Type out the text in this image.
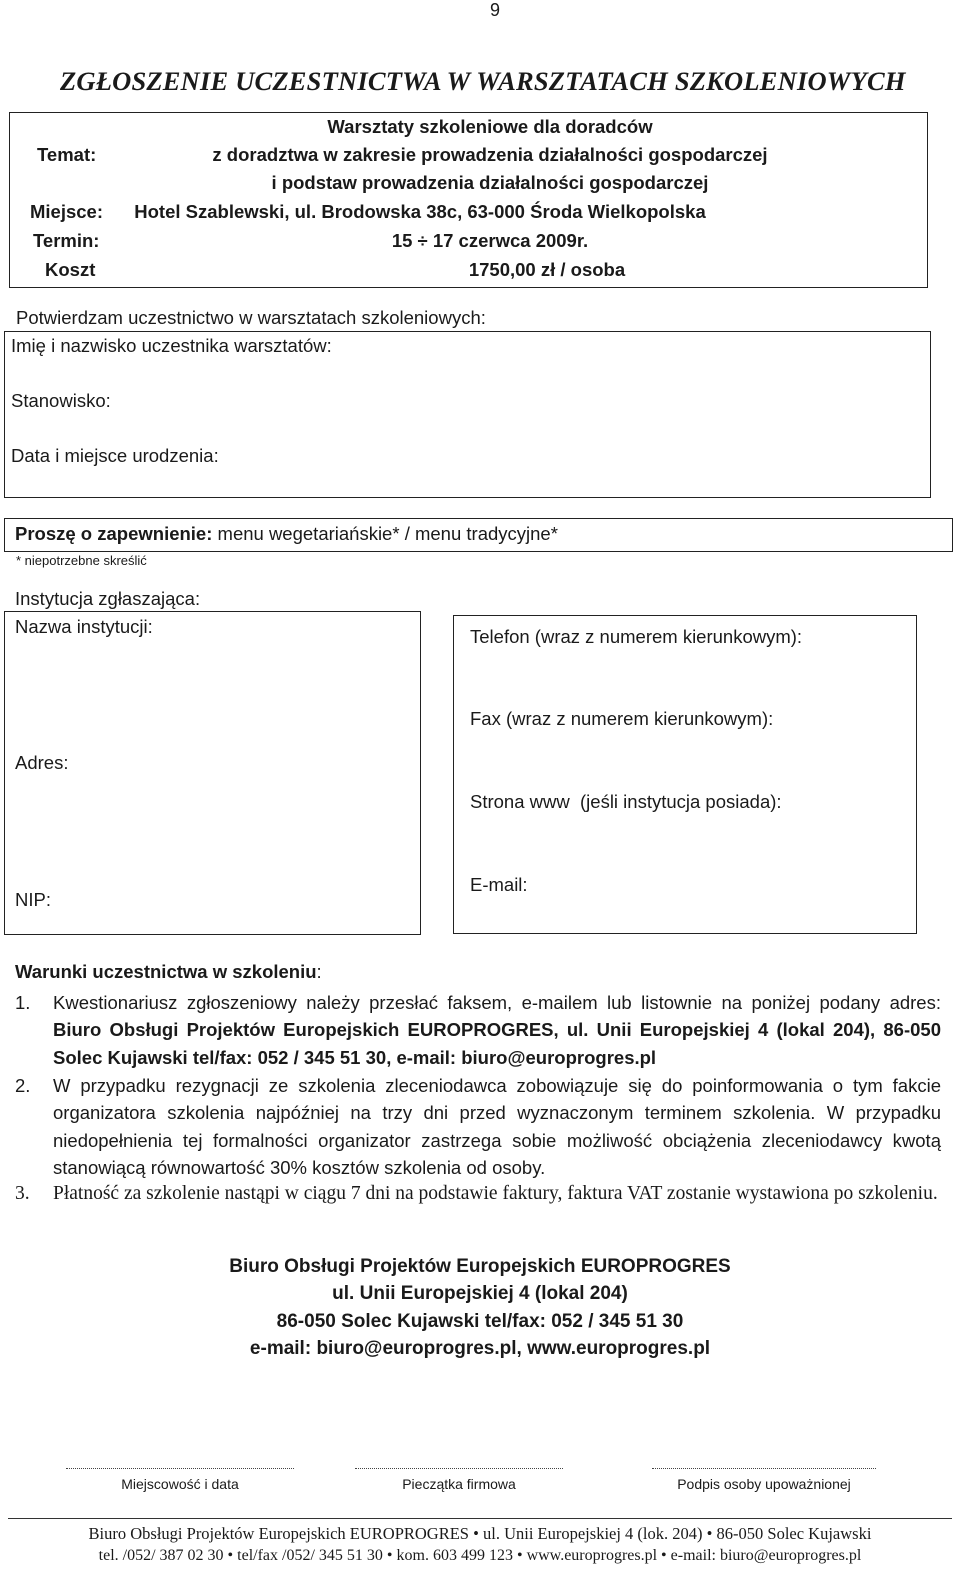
9
ZGŁOSZENIE UCZESTNICTWA W WARSZTATACH SZKOLENIOWYCH
Temat:
Warsztaty szkoleniowe dla doradców
z doradztwa w zakresie prowadzenia działalności gospodarczej
i podstaw prowadzenia działalności gospodarczej
Miejsce:	Hotel Szablewski, ul. Brodowska 38c, 63-000 Środa Wielkopolska
Termin:	15 ÷ 17 czerwca 2009r.
Koszt	1750,00 zł / osoba
Potwierdzam uczestnictwo w warsztatach szkoleniowych:
Imię i nazwisko uczestnika warsztatów:
Stanowisko:
Data i miejsce urodzenia:
Proszę o zapewnienie: menu wegetariańskie* / menu tradycyjne*
* niepotrzebne skreślić
Instytucja zgłaszająca:
Nazwa instytucji:
Adres:
NIP:
Telefon (wraz z numerem kierunkowym):
Fax (wraz z numerem kierunkowym):
Strona www  (jeśli instytucja posiada):
E-mail:
Warunki uczestnictwa w szkoleniu:
1. Kwestionariusz zgłoszeniowy należy przesłać faksem, e-mailem lub listownie na poniżej podany adres: Biuro Obsługi Projektów Europejskich EUROPROGRES, ul. Unii Europejskiej 4 (lokal 204), 86-050 Solec Kujawski tel/fax: 052 / 345 51 30, e-mail: biuro@europrogres.pl
2. W przypadku rezygnacji ze szkolenia zleceniodawca zobowiązuje się do poinformowania o tym fakcie organizatora szkolenia najpóźniej na trzy dni przed wyznaczonym terminem szkolenia. W przypadku niedopełnienia tej formalności organizator zastrzega sobie możliwość obciążenia zleceniodawcy kwotą stanowiącą równowartość 30% kosztów szkolenia od osoby.
3. Płatność za szkolenie nastąpi w ciągu 7 dni na podstawie faktury, faktura VAT zostanie wystawiona po szkoleniu.
Biuro Obsługi Projektów Europejskich EUROPROGRES
ul. Unii Europejskiej 4 (lokal 204)
86-050 Solec Kujawski tel/fax: 052 / 345 51 30
e-mail: biuro@europrogres.pl, www.europrogres.pl
Miejscowość i data	Pieczątka firmowa	Podpis osoby upoważnionej
Biuro Obsługi Projektów Europejskich EUROPROGRES • ul. Unii Europejskiej 4 (lok. 204) • 86-050 Solec Kujawski
tel. /052/ 387 02 30 • tel/fax /052/ 345 51 30 • kom. 603 499 123 • www.europrogres.pl • e-mail: biuro@europrogres.pl
